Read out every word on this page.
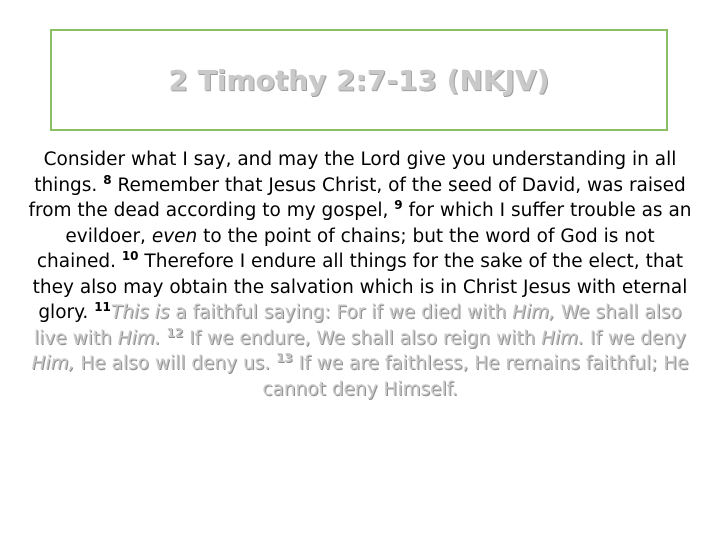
2 Timothy 2:7-13 (NKJV)

Consider what I say, and may the Lord give you understanding in all things. $^8$ Remember that Jesus Christ, of the seed of David, was raised from the dead according to my gospel, $^9$ for which I suffer trouble as an evildoer, even to the point of chains; but the word of God is not chained. $^{10}$ Therefore I endure all things for the sake of the elect, that they also may obtain the salvation which is in Christ Jesus with eternal glory. $^{11}$This is a faithful saying: For if we died with Him, We shall also live with Him. $^{12}$ If we endure, We shall also reign with Him. If we deny Him, He also will deny us. $^{13}$ If we are faithless, He remains faithful; He cannot deny Himself.
